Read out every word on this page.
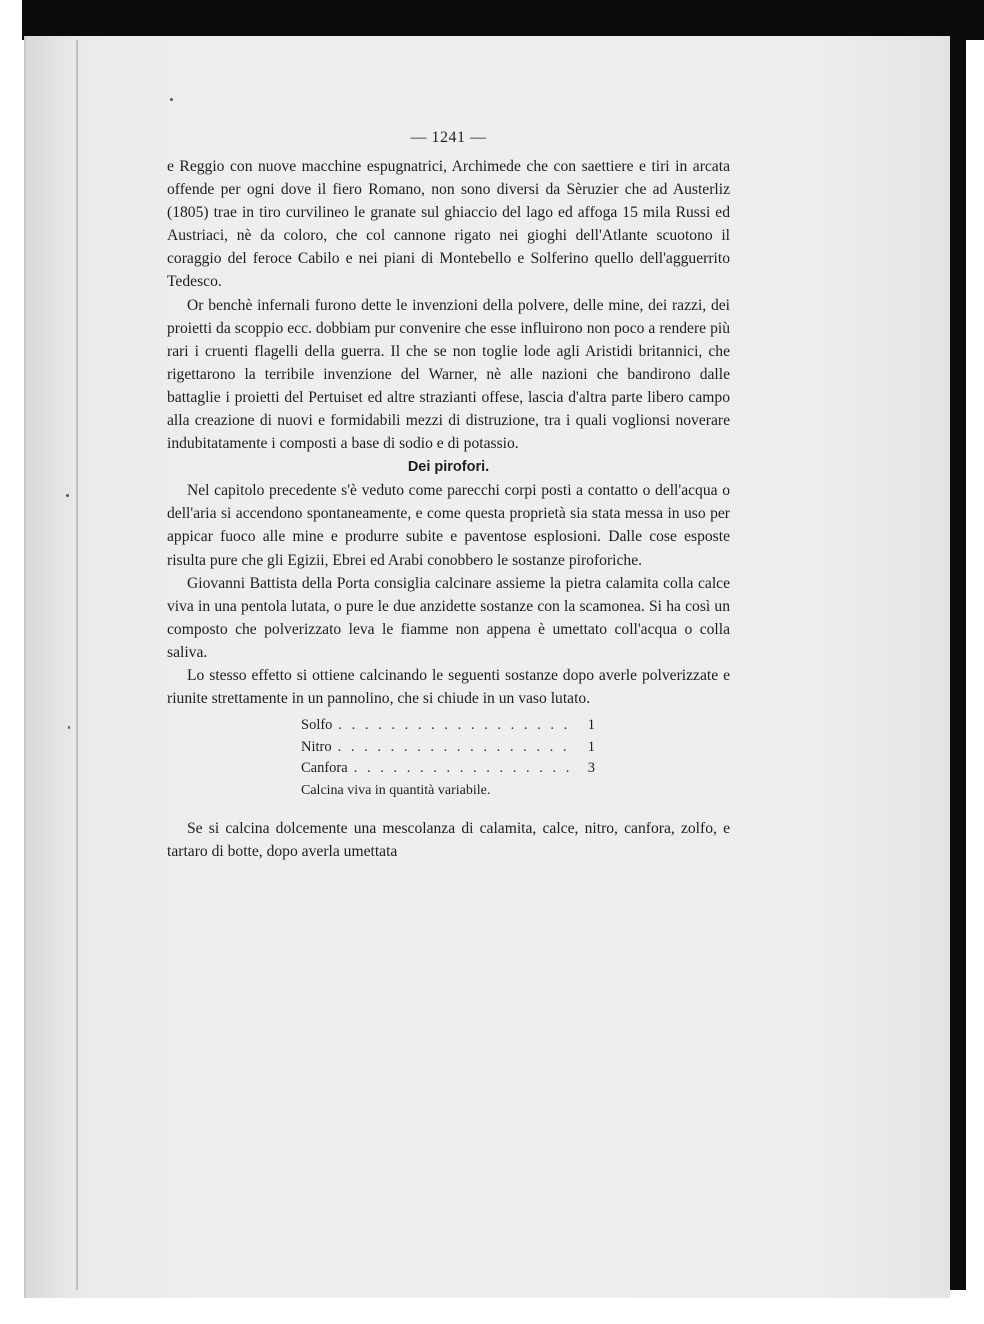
— 1241 —

e Reggio con nuove macchine espugnatrici, Archimede che con saettiere e tiri in arcata offende per ogni dove il fiero Romano, non sono diversi da Sèruzier che ad Austerliz (1805) trae in tiro curvilineo le granate sul ghiaccio del lago ed affoga 15 mila Russi ed Austriaci, nè da coloro, che col cannone rigato nei gioghi dell'Atlante scuotono il coraggio del feroce Cabilo e nei piani di Montebello e Solferino quello dell'agguerrito Tedesco.

Or benchè infernali furono dette le invenzioni della polvere, delle mine, dei razzi, dei proietti da scoppio ecc. dobbiam pur convenire che esse influirono non poco a rendere più rari i cruenti flagelli della guerra. Il che se non toglie lode agli Aristidi britannici, che rigettarono la terribile invenzione del Warner, nè alle nazioni che bandirono dalle battaglie i proietti del Pertuiset ed altre strazianti offese, lascia d'altra parte libero campo alla creazione di nuovi e formidabili mezzi di distruzione, tra i quali voglionsi noverare indubitatamente i composti a base di sodio e di potassio.

Dei pirofori.

Nel capitolo precedente s'è veduto come parecchi corpi posti a contatto o dell'acqua o dell'aria si accendono spontaneamente, e come questa proprietà sia stata messa in uso per appicar fuoco alle mine e produrre subite e paventose esplosioni. Dalle cose esposte risulta pure che gli Egizii, Ebrei ed Arabi conobbero le sostanze piroforiche.

Giovanni Battista della Porta consiglia calcinare assieme la pietra calamita colla calce viva in una pentola lutata, o pure le due anzidette sostanze con la scamonea. Si ha così un composto che polverizzato leva le fiamme non appena è umettato coll'acqua o colla saliva.

Lo stesso effetto si ottiene calcinando le seguenti sostanze dopo averle polverizzate e riunite strettamente in un pannolino, che si chiude in un vaso lutato.

Solfo . . .	1
Nitro . . .	1
Canfora . . .	3
Calcina viva in quantità variabile.

Se si calcina dolcemente una mescolanza di calamita, calce, nitro, canfora, zolfo, e tartaro di botte, dopo averla umettata
